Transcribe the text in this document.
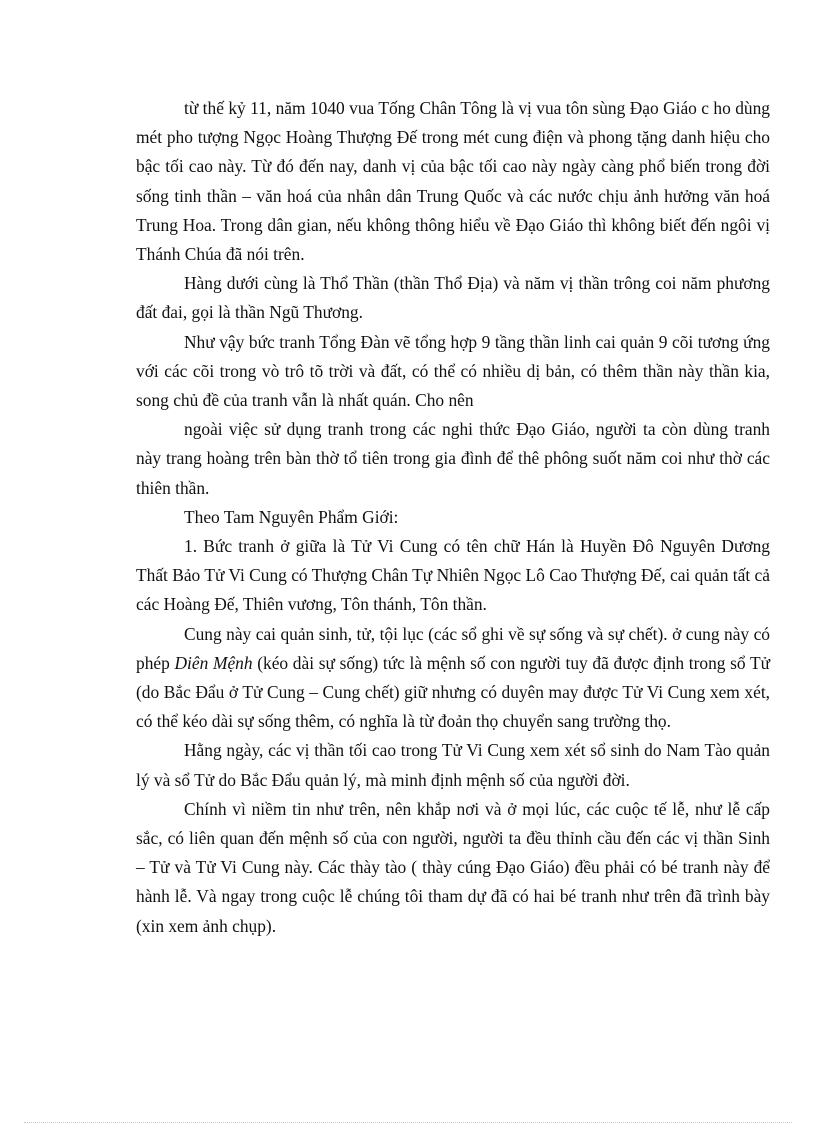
từ thế kỷ 11, năm 1040 vua Tống Chân Tông là vị vua tôn sùng Đạo Giáo c ho dùng mét pho tượng Ngọc Hoàng Thượng Đế trong mét cung điện và phong tặng danh hiệu cho bậc tối cao này. Từ đó đến nay, danh vị của bậc tối cao này ngày càng phổ biến trong đời sống tinh thần – văn hoá của nhân dân Trung Quốc và các nước chịu ảnh hưởng văn hoá Trung Hoa. Trong dân gian, nếu không thông hiểu về Đạo Giáo thì không biết đến ngôi vị Thánh Chúa đã nói trên.

Hàng dưới cùng là Thổ Thần (thần Thổ Địa) và năm vị thần trông coi năm phương đất đai, gọi là thần Ngũ Thương.

Như vậy bức tranh Tổng Đàn vẽ tổng hợp 9 tầng thần linh cai quản 9 cõi tương ứng với các cõi trong vò trô tõ trời và đất, có thể có nhiều dị bản, có thêm thần này thần kia, song chủ đề của tranh vẫn là nhất quán. Cho nên

ngoài việc sử dụng tranh trong các nghi thức Đạo Giáo, người ta còn dùng tranh này trang hoàng trên bàn thờ tổ tiên trong gia đình để thê phông suốt năm coi như thờ các thiên thần.

Theo Tam Nguyên Phẩm Giới:

1. Bức tranh ở giữa là Tử Vi Cung có tên chữ Hán là Huyền Đô Nguyên Dương Thất Bảo Tử Vi Cung có Thượng Chân Tự Nhiên Ngọc Lô Cao Thượng Đế, cai quản tất cả các Hoàng Đế, Thiên vương, Tôn thánh, Tôn thần.

Cung này cai quản sinh, tử, tội lục (các sổ ghi về sự sống và sự chết). ở cung này có phép Diên Mệnh (kéo dài sự sống) tức là mệnh số con người tuy đã được định trong sổ Tử (do Bắc Đẩu ở Tử Cung – Cung chết) giữ nhưng có duyên may được Tử Vi Cung xem xét, có thể kéo dài sự sống thêm, có nghĩa là từ đoản thọ chuyển sang trường thọ.

Hằng ngày, các vị thần tối cao trong Tử Vi Cung xem xét sổ sinh do Nam Tào quản lý và sổ Tử do Bắc Đẩu quản lý, mà minh định mệnh số của người đời.

Chính vì niềm tin như trên, nên khắp nơi và ở mọi lúc, các cuộc tế lễ, như lễ cấp sắc, có liên quan đến mệnh số của con người, người ta đều thỉnh cầu đến các vị thần Sinh – Tử và Tử Vi Cung này. Các thày tào ( thày cúng Đạo Giáo) đều phải có bé tranh này để hành lễ. Và ngay trong cuộc lễ chúng tôi tham dự đã có hai bé tranh như trên đã trình bày (xin xem ảnh chụp).
